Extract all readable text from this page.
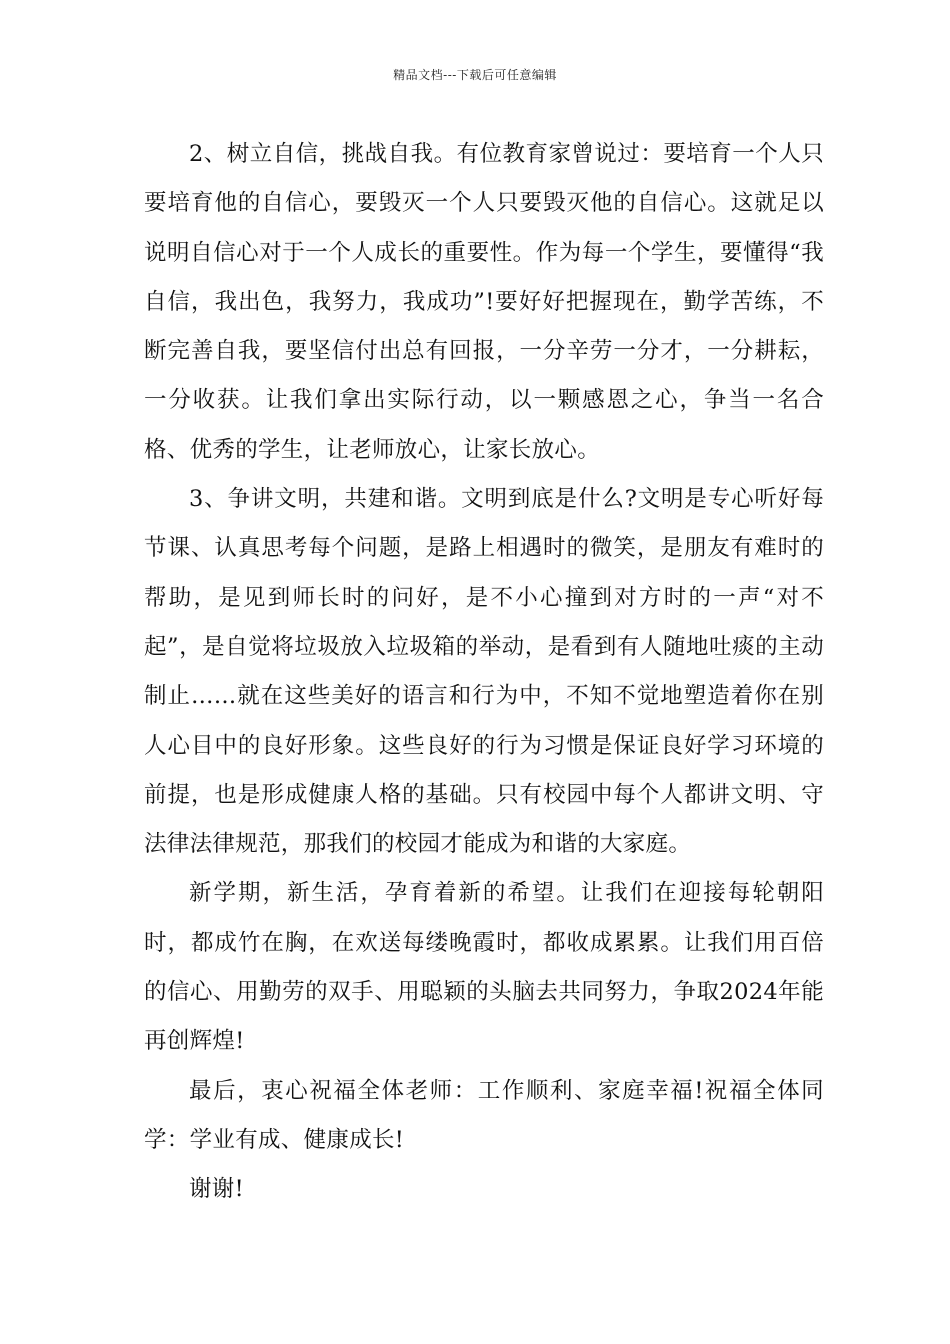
精品文档---下载后可任意编辑

2、树立自信，挑战自我。有位教育家曾说过：要培育一个人只要培育他的自信心，要毁灭一个人只要毁灭他的自信心。这就足以说明自信心对于一个人成长的重要性。作为每一个学生，要懂得“我自信，我出色，我努力，我成功”!要好好把握现在，勤学苦练，不断完善自我，要坚信付出总有回报，一分辛劳一分才，一分耕耘，一分收获。让我们拿出实际行动，以一颗感恩之心，争当一名合格、优秀的学生，让老师放心，让家长放心。

3、争讲文明，共建和谐。文明到底是什么?文明是专心听好每节课、认真思考每个问题，是路上相遇时的微笑，是朋友有难时的帮助，是见到师长时的问好，是不小心撞到对方时的一声“对不起”，是自觉将垃圾放入垃圾箱的举动，是看到有人随地吐痰的主动制止……就在这些美好的语言和行为中，不知不觉地塑造着你在别人心目中的良好形象。这些良好的行为习惯是保证良好学习环境的前提，也是形成健康人格的基础。只有校园中每个人都讲文明、守法律法律规范，那我们的校园才能成为和谐的大家庭。

新学期，新生活，孕育着新的希望。让我们在迎接每轮朝阳时，都成竹在胸，在欢送每缕晚霞时，都收成累累。让我们用百倍的信心、用勤劳的双手、用聪颖的头脑去共同努力，争取2024年能再创辉煌!

最后，衷心祝福全体老师：工作顺利、家庭幸福!祝福全体同学：学业有成、健康成长!

谢谢!
